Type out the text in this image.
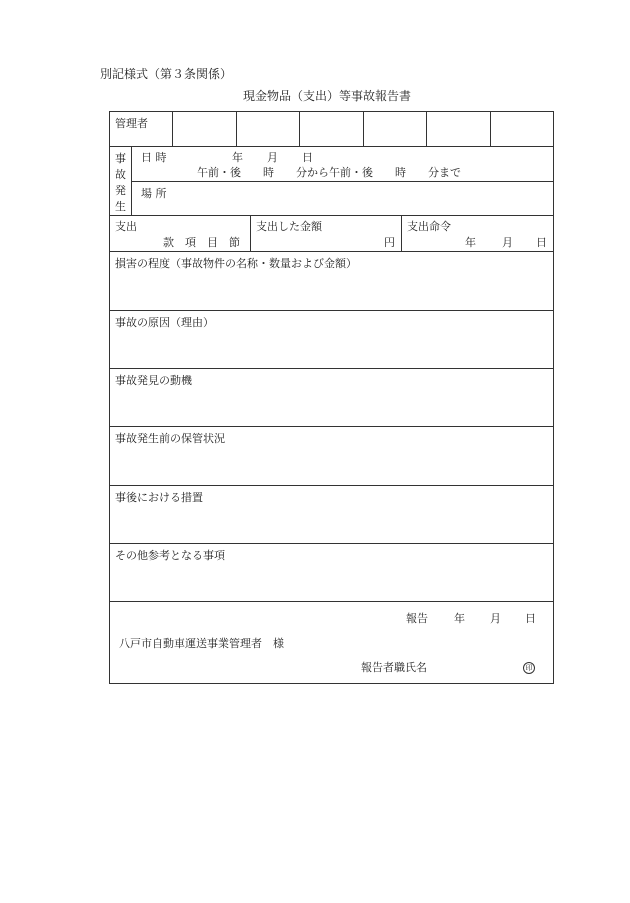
別記様式（第３条関係）
現金物品（支出）等事故報告書
管理者
事
故
発
生
日 時	年 月 日
午前・後　　時　　分から午前・後　　時　　分まで
場 所
支出
款　項　目　節
支出した金額
円
支出命令
年 月 日
損害の程度（事故物件の名称・数量および金額）
事故の原因（理由）
事故発見の動機
事故発生前の保管状況
事後における措置
その他参考となる事項
報告 年 月 日
八戸市自動車運送事業管理者　様
報告者職氏名	印
